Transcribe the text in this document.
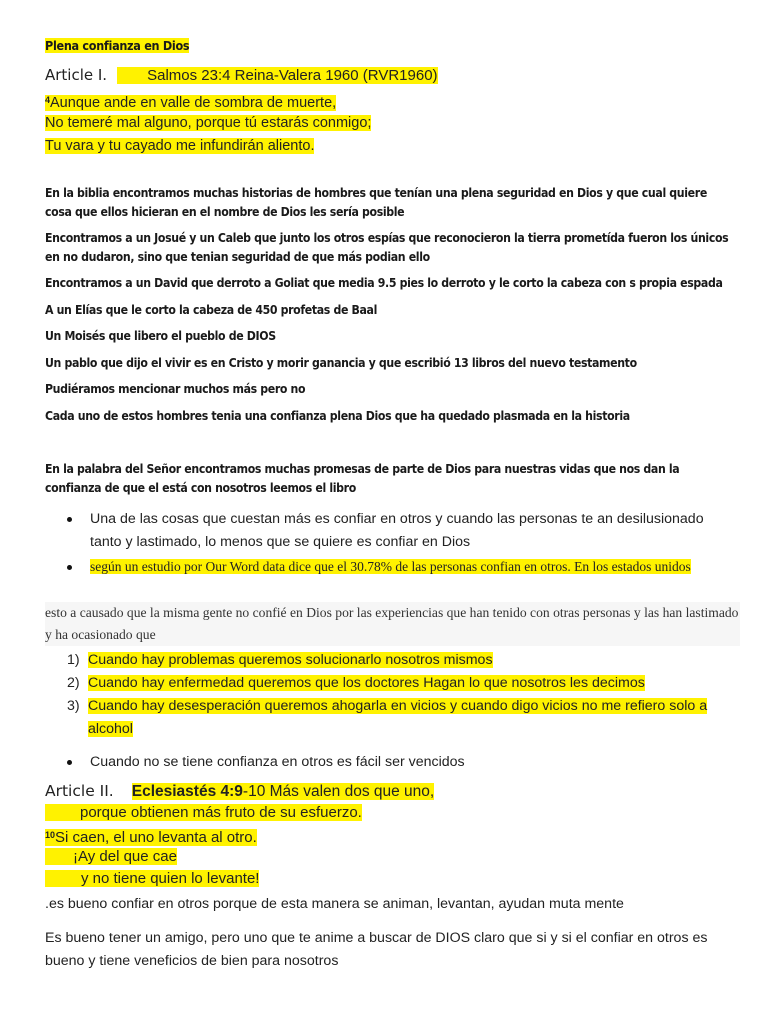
Plena confianza en Dios
Article I.	Salmos 23:4 Reina-Valera 1960 (RVR1960)
$^4$Aunque ande en valle de sombra de muerte,
No temeré mal alguno, porque tú estarás conmigo;
Tu vara y tu cayado me infundirán aliento.
En la biblia encontramos muchas historias de hombres que tenían una plena seguridad en Dios y que cual quiere cosa que ellos hicieran en el nombre de Dios les sería posible
Encontramos a un Josué y un Caleb que junto los otros espías que reconocieron la tierra prometída fueron los únicos en no dudaron, sino que tenian seguridad de que más podian ello
Encontramos a un David que derroto a Goliat que media 9.5 pies lo derroto y le corto la cabeza con s propia espada
A un Elías que le corto la cabeza de 450 profetas de Baal
Un Moisés que libero el pueblo de DIOS
Un pablo que dijo el vivir es en Cristo y morir ganancia y que escribió 13 libros del nuevo testamento
Pudiéramos mencionar muchos más pero no
Cada uno de estos hombres tenia una confianza plena Dios que ha quedado plasmada en la historia
En la palabra del Señor encontramos muchas promesas de parte de Dios para nuestras vidas que nos dan la confianza de que el está con nosotros leemos el libro
Una de las cosas que cuestan más es confiar en otros y cuando las personas te an desilusionado tanto y lastimado, lo menos que se quiere es confiar en Dios
según un estudio por Our Word data dice que el 30.78% de las personas confian en otros. En los estados unidos
esto a causado que la misma gente no confié en Dios por las experiencias que han tenido con otras personas y las han lastimado y ha ocasionado que
1) Cuando hay problemas queremos solucionarlo nosotros mismos
2) Cuando hay enfermedad queremos que los doctores Hagan lo que nosotros les decimos
3) Cuando hay desesperación queremos ahogarla en vicios y cuando digo vicios no me refiero solo a alcohol
Cuando no se tiene confianza en otros es fácil ser vencidos
Article II. Eclesiastés 4:9-10 Más valen dos que uno,
porque obtienen más fruto de su esfuerzo.
$^{10}$Si caen, el uno levanta al otro.
¡Ay del que cae
y no tiene quien lo levante!
.es bueno confiar en otros porque de esta manera se animan, levantan, ayudan muta mente
Es bueno tener un amigo, pero uno que te anime a buscar de DIOS claro que si y si el confiar en otros es bueno y tiene veneficios de bien para nosotros
